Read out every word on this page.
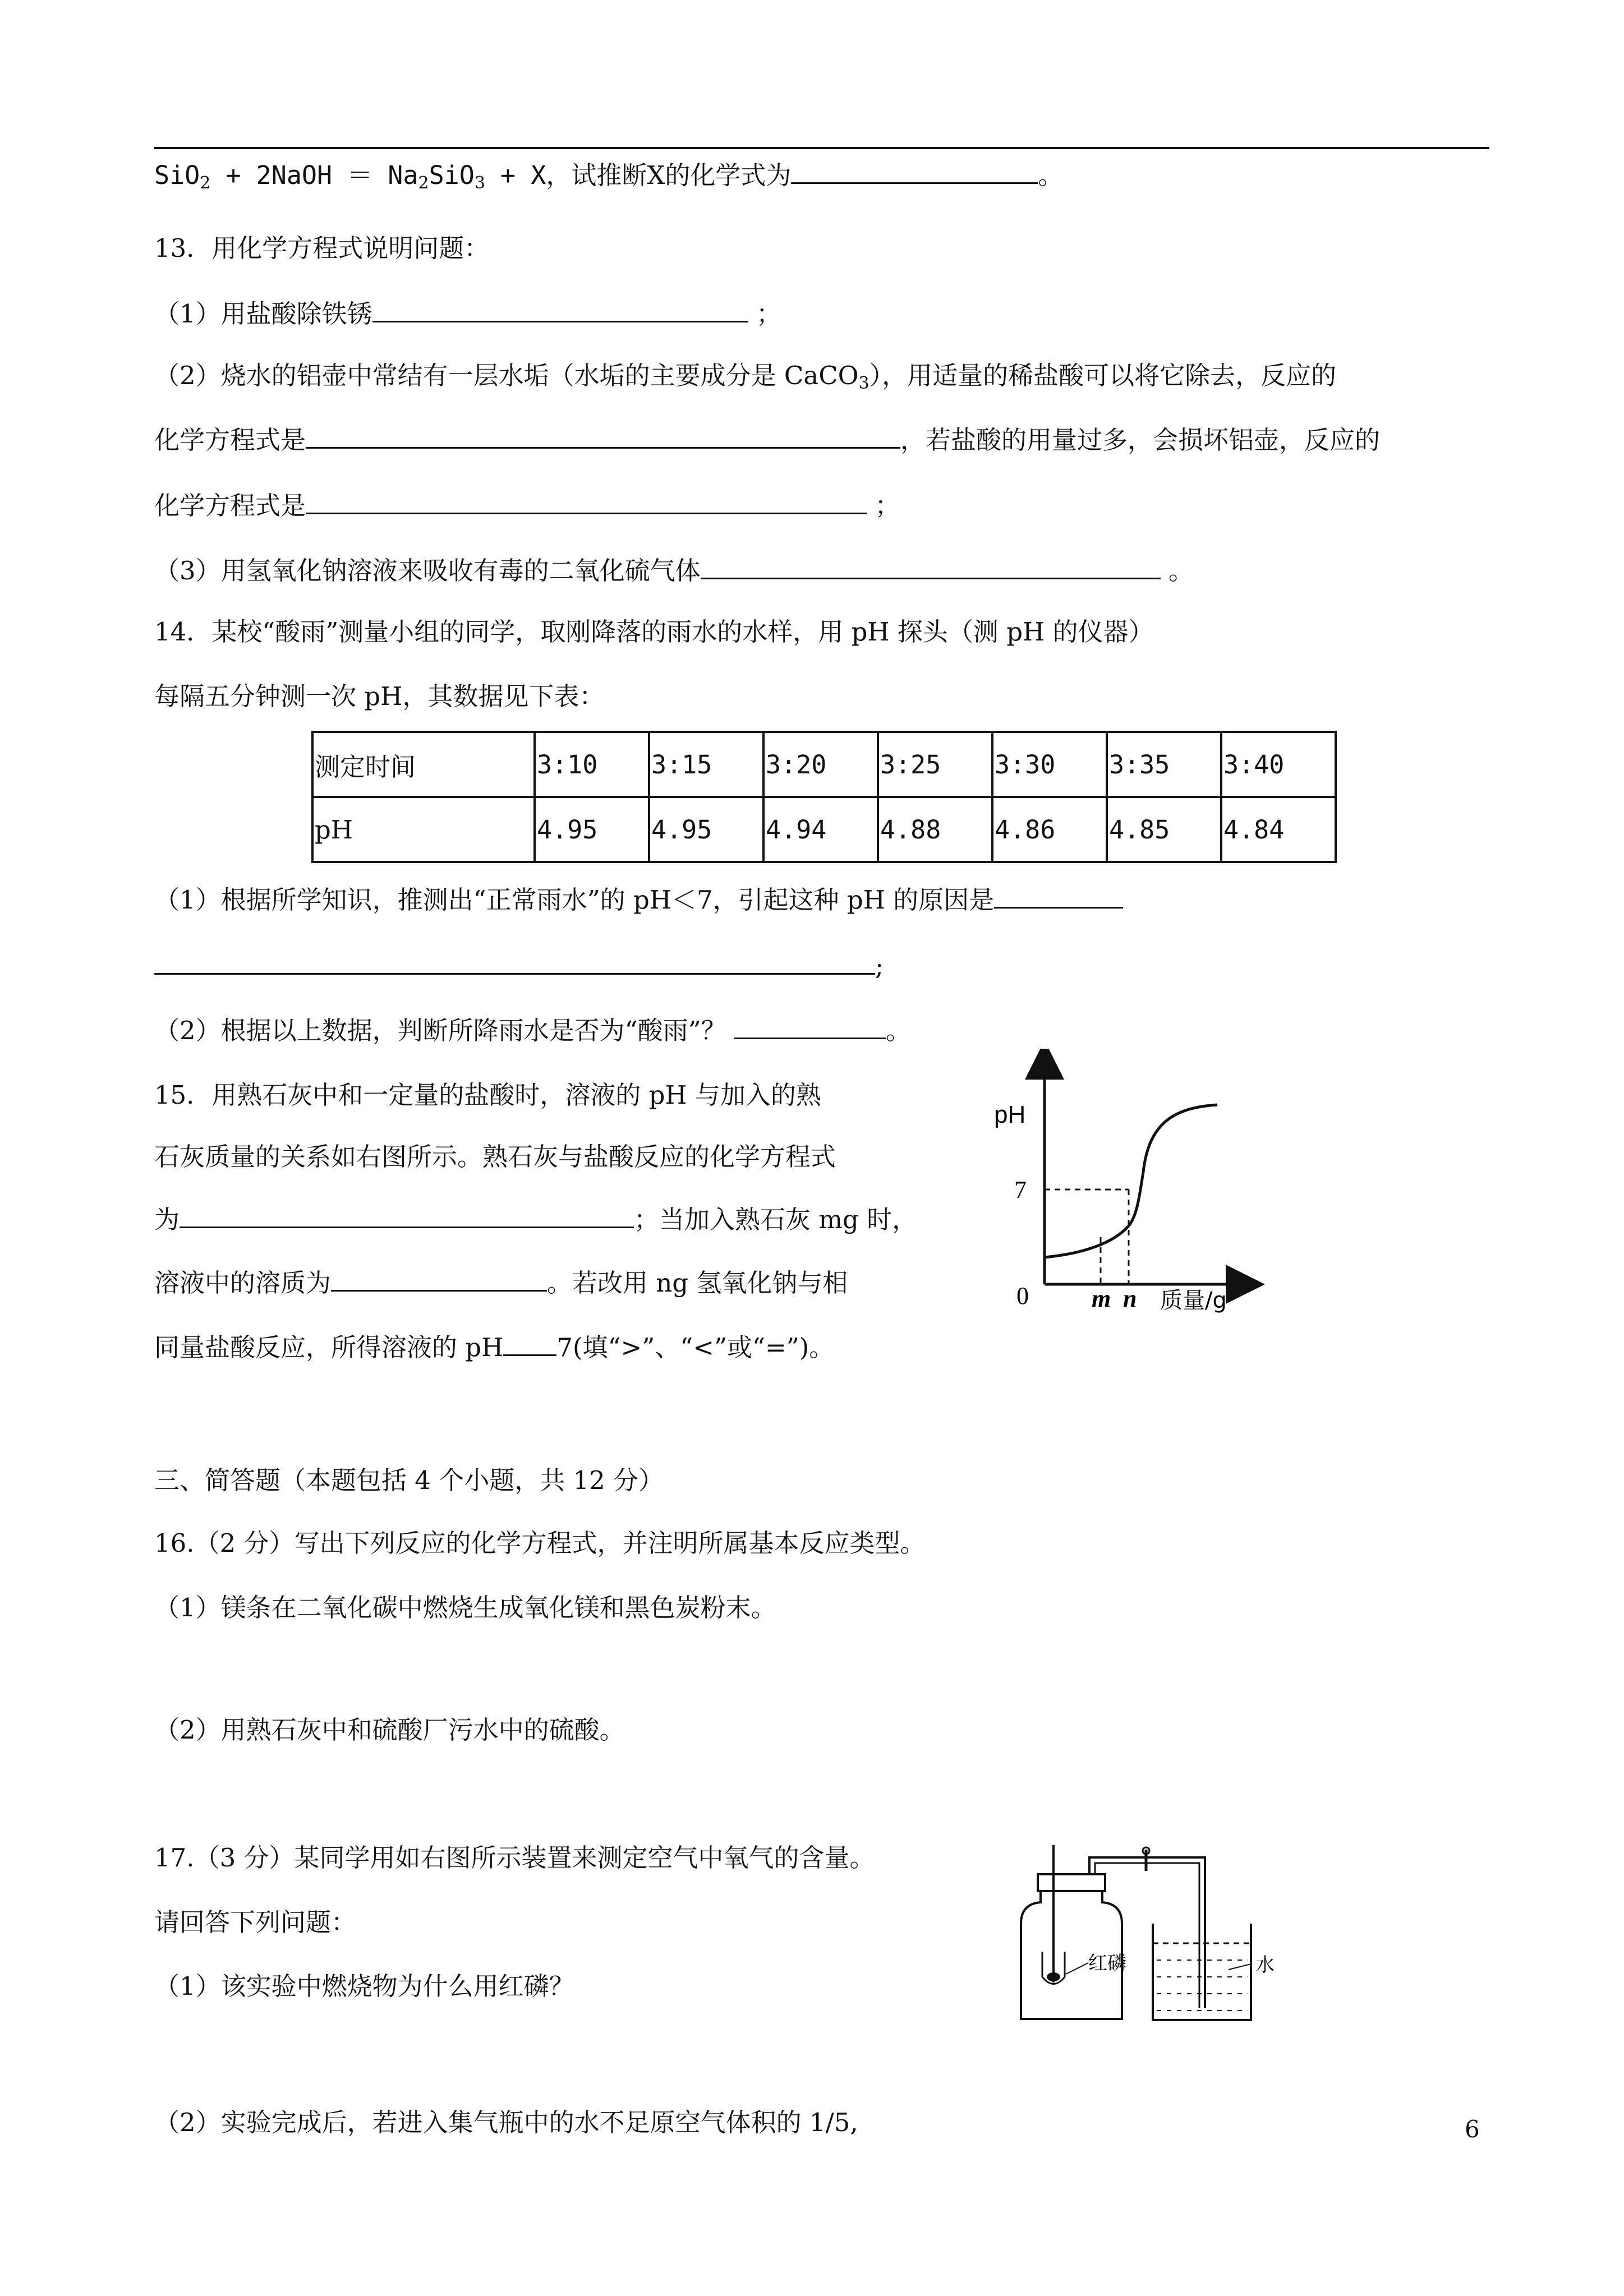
SiO$_2$ + 2NaOH ＝ $Na_2SiO_3 + X$，试推断X的化学式为	。
13．用化学方程式说明问题：
（1）用盐酸除铁锈	；
（2）烧水的铝壶中常结有一层水垢（水垢的主要成分是 CaCO$_3$），用适量的稀盐酸可以将它除去，反应的
化学方程式是	，若盐酸的用量过多，会损坏铝壶，反应的
化学方程式是	；
（3）用氢氧化钠溶液来吸收有毒的二氧化硫气体	。
14．某校“酸雨”测量小组的同学，取刚降落的雨水的水样，用 pH 探头（测 pH 的仪器）
每隔五分钟测一次 pH，其数据见下表：
测定时间	3:10	3:15	3:20	3:25	3:30	3:35	3:40
pH	4.95	4.95	4.94	4.88	4.86	4.85	4.84
（1）根据所学知识，推测出“正常雨水”的 pH＜7，引起这种 pH 的原因是
;
（2）根据以上数据，判断所降雨水是否为“酸雨”？	。
15．用熟石灰中和一定量的盐酸时，溶液的 pH 与加入的熟
石灰质量的关系如右图所示。熟石灰与盐酸反应的化学方程式
为	；当加入熟石灰 mg 时，
溶液中的溶质为	。若改用 ng 氢氧化钠与相
同量盐酸反应，所得溶液的 pH 7(填“>”、“<”或“=”)。
pH
7
0	m n 质量/g
三、简答题（本题包括 4 个小题，共 12 分）
16.（2 分）写出下列反应的化学方程式，并注明所属基本反应类型。
（1）镁条在二氧化碳中燃烧生成氧化镁和黑色炭粉末。
（2）用熟石灰中和硫酸厂污水中的硫酸。
17.（3 分）某同学用如右图所示装置来测定空气中氧气的含量。
请回答下列问题：
（1）该实验中燃烧物为什么用红磷？
（2）实验完成后，若进入集气瓶中的水不足原空气体积的 1/5,
红磷	水
6
